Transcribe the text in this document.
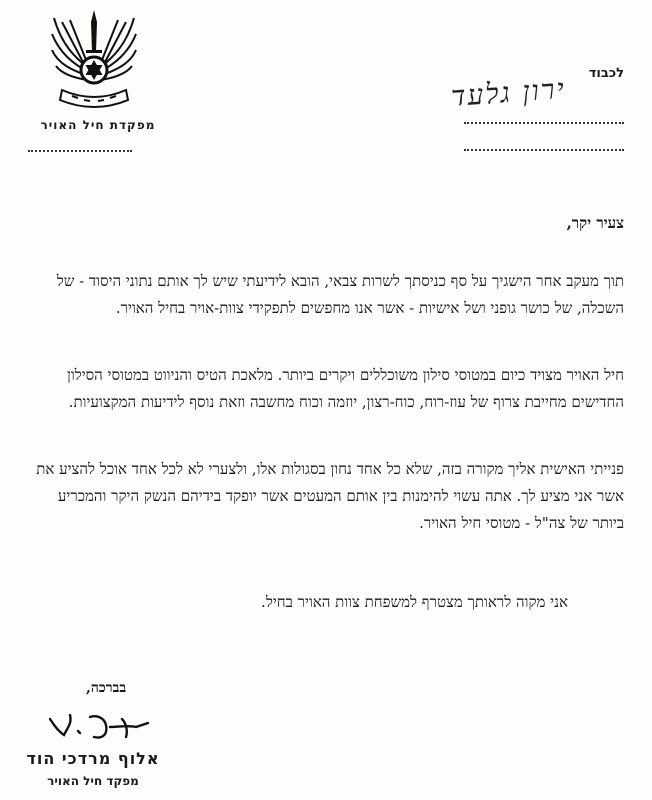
מפקדת חיל האויר
לכבוד
ירון גלעד

צעיר יקר,

תוך מעקב אחר הישגיך על סף כניסתך לשרות צבאי, הובא לידיעתי שיש לך אותם נתוני היסוד - של השכלה, של כושר גופני ושל אישיות - אשר אנו מחפשים לתפקידי צוות-אויר בחיל האויר.

חיל האויר מצויד כיום במטוסי סילון משוכללים ויקרים ביותר. מלאכת הטיס והניווט במטוסי הסילון החדישים מחייבת צרוף של עוז-רוח, כוח-רצון, יוזמה וכוח מחשבה וזאת נוסף לידיעות המקצועיות.

פנייתי האישית אליך מקורה בזה, שלא כל אחד נחון בסגולות אלו, ולצערי לא לכל אחד אוכל להציע את אשר אני מציע לך. אתה עשוי להימנות בין אותם המעטים אשר יופקד בידיהם הנשק היקר והמכריע ביותר של צה"ל - מטוסי חיל האויר.

אני מקוה לראותך מצטרף למשפחת צוות האויר בחיל.

בברכה,
אלוף מרדכי הוד
מפקד חיל האויר
